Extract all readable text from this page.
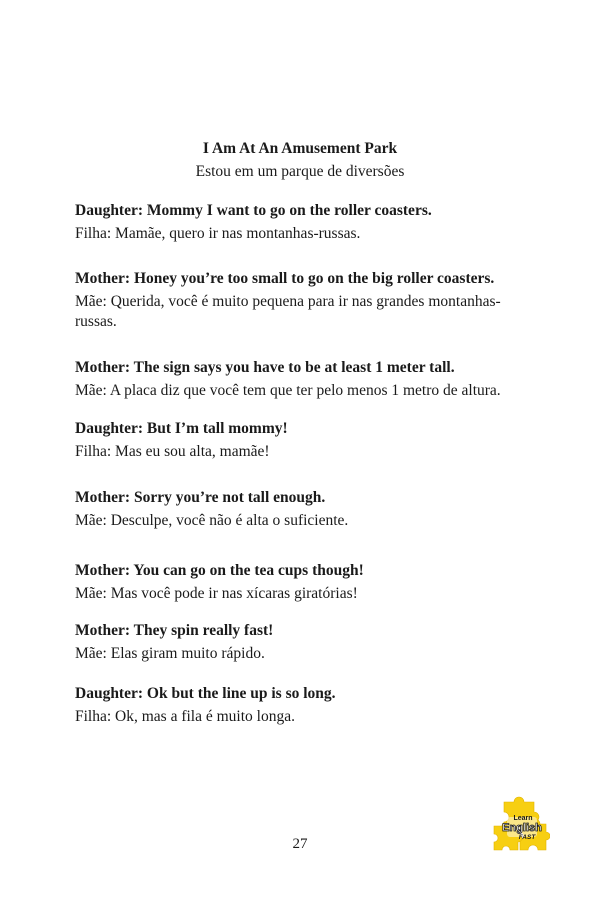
I Am At An Amusement Park
Estou em um parque de diversões

Daughter: Mommy I want to go on the roller coasters.

Filha: Mamãe, quero ir nas montanhas-russas.

Mother: Honey you’re too small to go on the big roller coasters.

Mãe: Querida, você é muito pequena para ir nas grandes montanhas-russas.

Mother: The sign says you have to be at least 1 meter tall.

Mãe: A placa diz que você tem que ter pelo menos 1 metro de altura.

Daughter: But I’m tall mommy!

Filha: Mas eu sou alta, mamãe!

Mother: Sorry you’re not tall enough.

Mãe: Desculpe, você não é alta o suficiente.

Mother: You can go on the tea cups though!

Mãe: Mas você pode ir nas xícaras giratórias!

Mother: They spin really fast!

Mãe: Elas giram muito rápido.

Daughter: Ok but the line up is so long.

Filha: Ok, mas a fila é muito longa.

27
Learn
English
FAST
